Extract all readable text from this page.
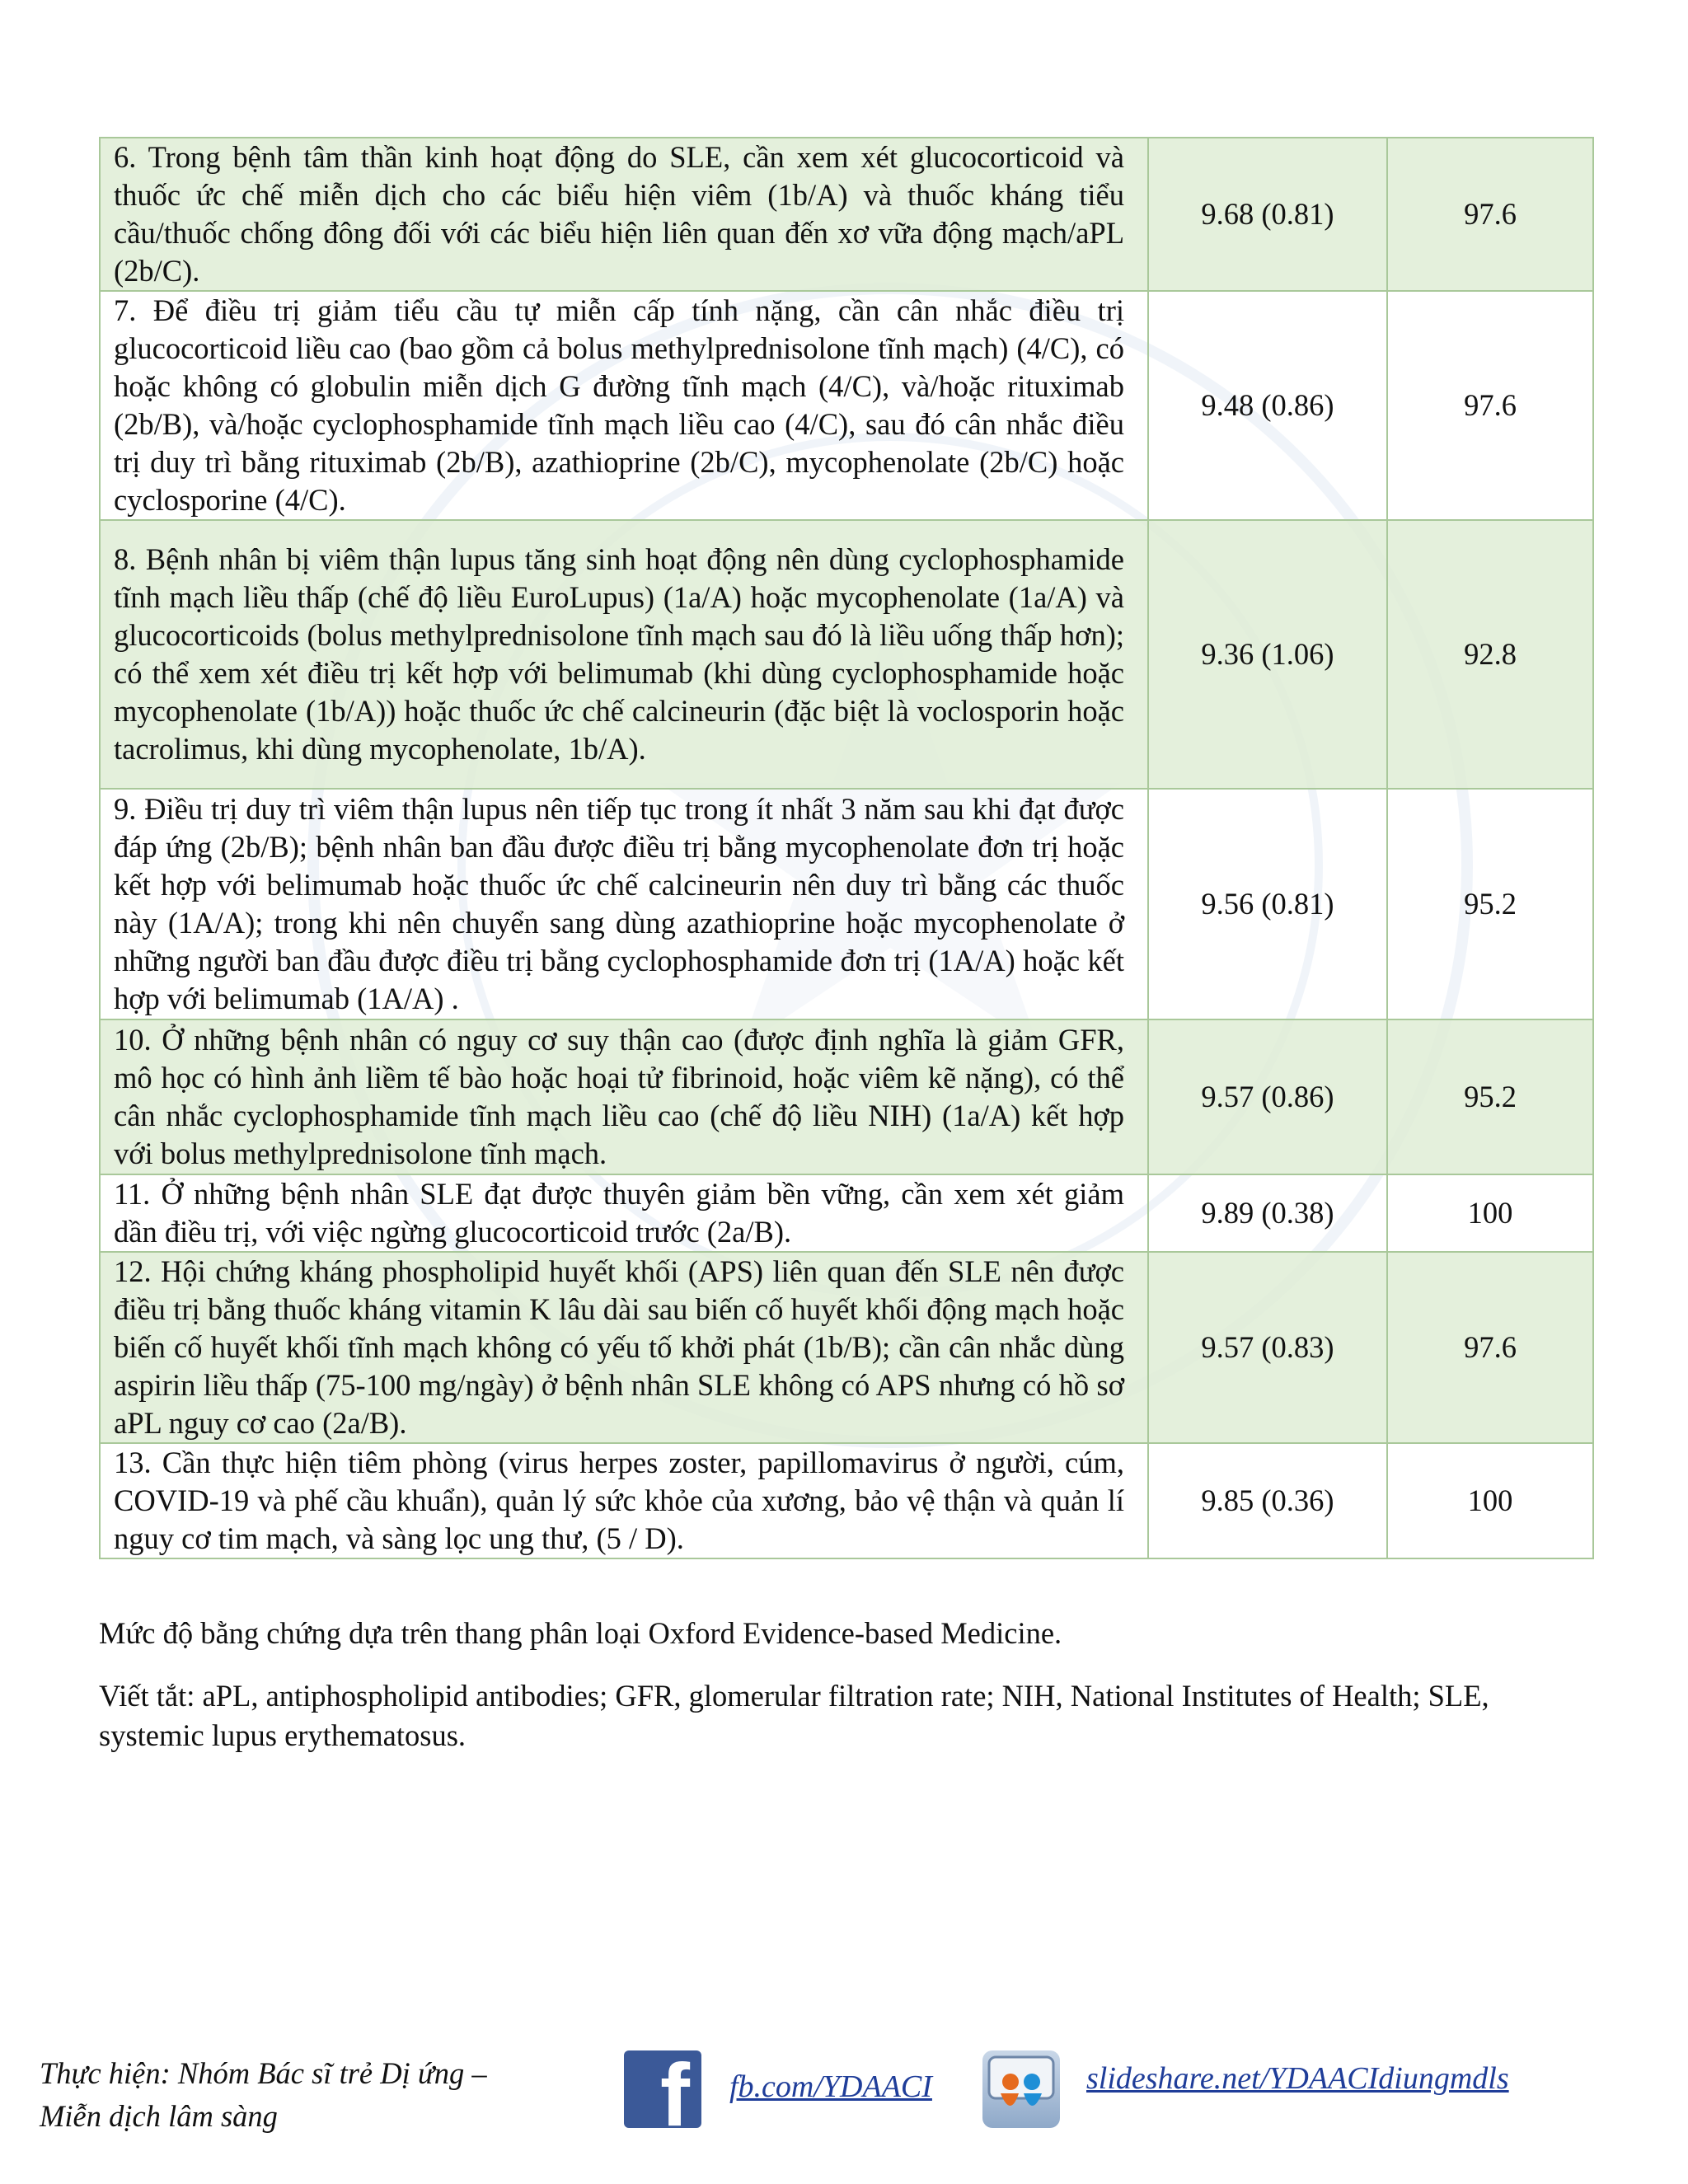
6. Trong bệnh tâm thần kinh hoạt động do SLE, cần xem xét glucocorticoid và thuốc ức chế miễn dịch cho các biểu hiện viêm (1b/A) và thuốc kháng tiểu cầu/thuốc chống đông đối với các biểu hiện liên quan đến xơ vữa động mạch/aPL (2b/C).	9.68 (0.81)	97.6
7. Để điều trị giảm tiểu cầu tự miễn cấp tính nặng, cần cân nhắc điều trị glucocorticoid liều cao (bao gồm cả bolus methylprednisolone tĩnh mạch) (4/C), có hoặc không có globulin miễn dịch G đường tĩnh mạch (4/C), và/hoặc rituximab (2b/B), và/hoặc cyclophosphamide tĩnh mạch liều cao (4/C), sau đó cân nhắc điều trị duy trì bằng rituximab (2b/B), azathioprine (2b/C), mycophenolate (2b/C) hoặc cyclosporine (4/C).	9.48 (0.86)	97.6
8. Bệnh nhân bị viêm thận lupus tăng sinh hoạt động nên dùng cyclophosphamide tĩnh mạch liều thấp (chế độ liều EuroLupus) (1a/A) hoặc mycophenolate (1a/A) và glucocorticoids (bolus methylprednisolone tĩnh mạch sau đó là liều uống thấp hơn); có thể xem xét điều trị kết hợp với belimumab (khi dùng cyclophosphamide hoặc mycophenolate (1b/A)) hoặc thuốc ức chế calcineurin (đặc biệt là voclosporin hoặc tacrolimus, khi dùng mycophenolate, 1b/A).	9.36 (1.06)	92.8
9. Điều trị duy trì viêm thận lupus nên tiếp tục trong ít nhất 3 năm sau khi đạt được đáp ứng (2b/B); bệnh nhân ban đầu được điều trị bằng mycophenolate đơn trị hoặc kết hợp với belimumab hoặc thuốc ức chế calcineurin nên duy trì bằng các thuốc này (1A/A); trong khi nên chuyển sang dùng azathioprine hoặc mycophenolate ở những người ban đầu được điều trị bằng cyclophosphamide đơn trị (1A/A) hoặc kết hợp với belimumab (1A/A) .	9.56 (0.81)	95.2
10. Ở những bệnh nhân có nguy cơ suy thận cao (được định nghĩa là giảm GFR, mô học có hình ảnh liềm tế bào hoặc hoại tử fibrinoid, hoặc viêm kẽ nặng), có thể cân nhắc cyclophosphamide tĩnh mạch liều cao (chế độ liều NIH) (1a/A) kết hợp với bolus methylprednisolone tĩnh mạch.	9.57 (0.86)	95.2
11. Ở những bệnh nhân SLE đạt được thuyên giảm bền vững, cần xem xét giảm dần điều trị, với việc ngừng glucocorticoid trước (2a/B).	9.89 (0.38)	100
12. Hội chứng kháng phospholipid huyết khối (APS) liên quan đến SLE nên được điều trị bằng thuốc kháng vitamin K lâu dài sau biến cố huyết khối động mạch hoặc biến cố huyết khối tĩnh mạch không có yếu tố khởi phát (1b/B); cần cân nhắc dùng aspirin liều thấp (75-100 mg/ngày) ở bệnh nhân SLE không có APS nhưng có hồ sơ aPL nguy cơ cao (2a/B).	9.57 (0.83)	97.6
13. Cần thực hiện tiêm phòng (virus herpes zoster, papillomavirus ở người, cúm, COVID-19 và phế cầu khuẩn), quản lý sức khỏe của xương, bảo vệ thận và quản lí nguy cơ tim mạch, và sàng lọc ung thư, (5 / D).	9.85 (0.36)	100
Mức độ bằng chứng dựa trên thang phân loại Oxford Evidence-based Medicine.
Viết tắt: aPL, antiphospholipid antibodies; GFR, glomerular filtration rate; NIH, National Institutes of Health; SLE, systemic lupus erythematosus.
Thực hiện: Nhóm Bác sĩ trẻ Dị ứng –
Miễn dịch lâm sàng	f fb.com/YDAACI	slideshare.net/YDAACIdiungmdls
